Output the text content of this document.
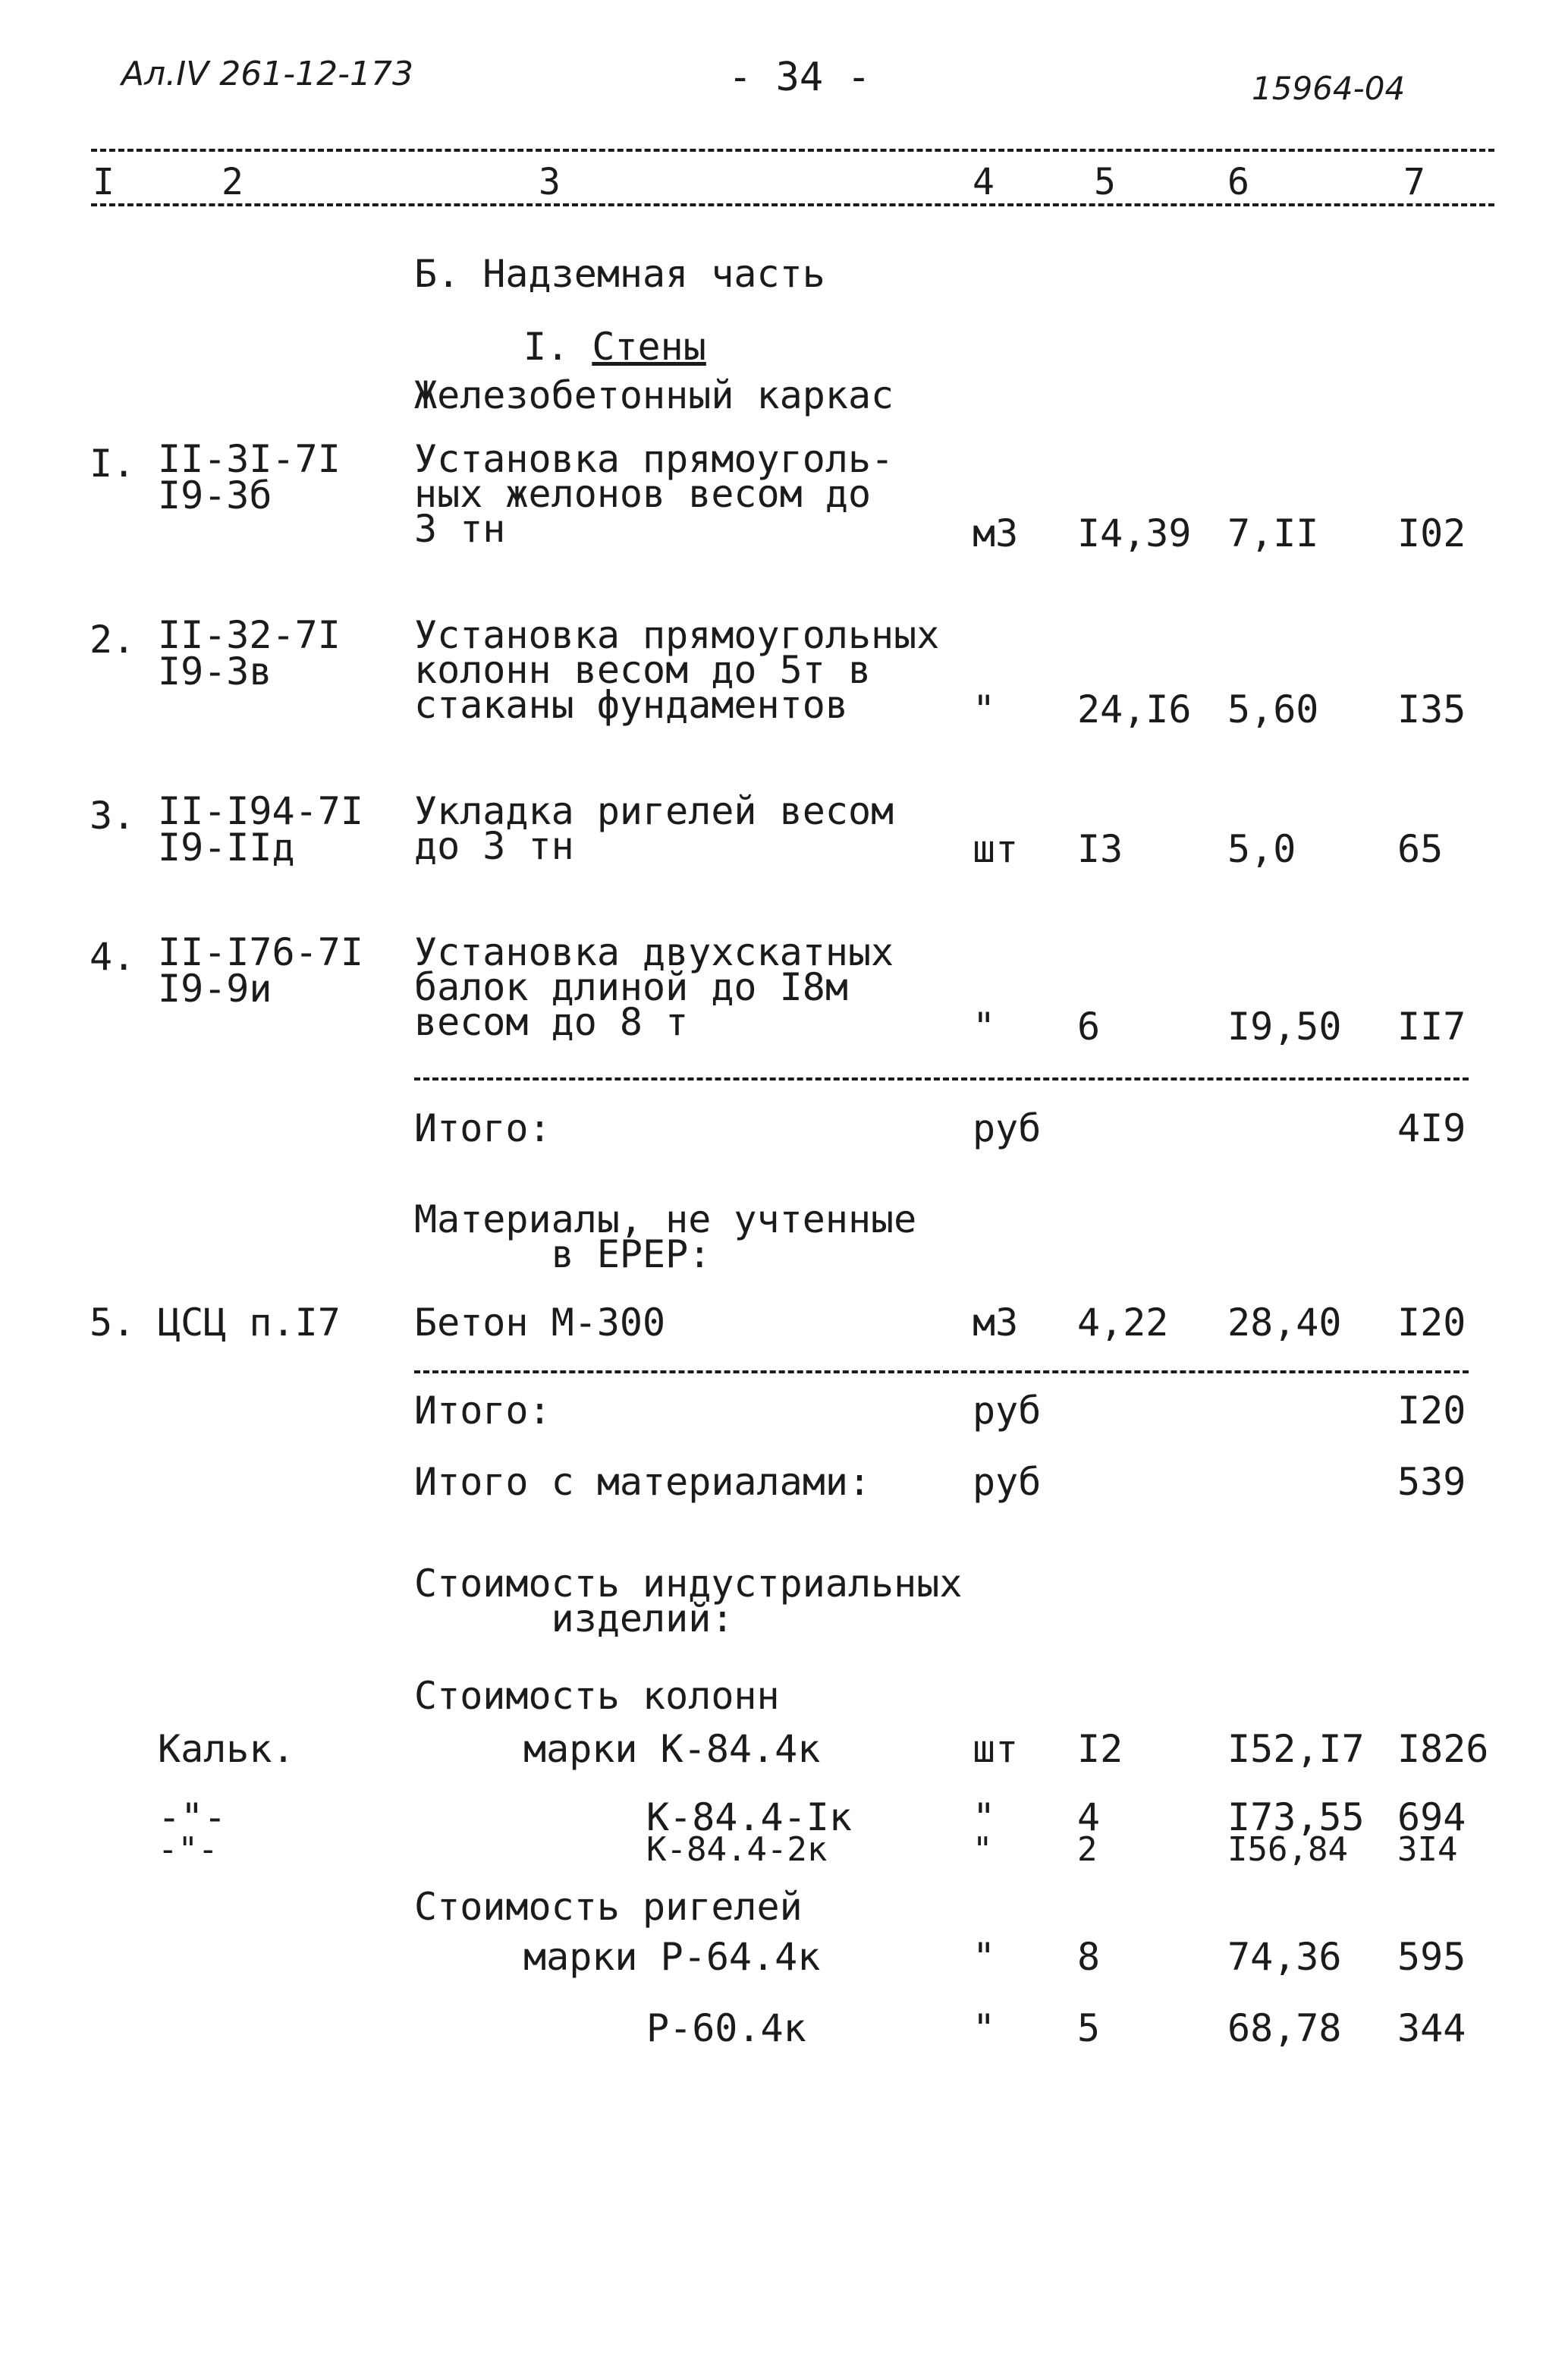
Ал.IV 261-12-173	- 34 -	15964-04
I	2	3	4	5	6	7
Б. Надземная часть
I. Стены
Железобетонный каркас
I. II-3I-7I
I9-3б
Установка прямоуголь-
ных желонов весом до
3 тн	м3 I4,39 7,II I02
2. II-32-7I
I9-3в
Установка прямоугольных
колонн весом до 5т в
стаканы фундаментов	" 24,I6 5,60 I35
3. II-I94-7I
I9-IIд
Укладка ригелей весом
до 3 тн	шт I3	5,0	65
4. II-I76-7I
I9-9и
Установка двухскатных
балок длиной до I8м
весом до 8 т	" 6	I9,50 II7
Итого:	руб	4I9
Материалы, не учтенные
в ЕРЕР:
5. ЦСЦ п.I7 Бетон М-300	м3 4,22 28,40 I20
Итого:	руб	I20
Итого с материалами:	руб	539
Стоимость индустриальных
изделий:
Стоимость колонн
Кальк.	марки К-84.4к	шт I2	I52,I7 I826
-"-	К-84.4-Iк	" 4	I73,55 694
-"-	К-84.4-2к	"	2	I56,84 3I4
Стоимость ригелей
марки Р-64.4к	" 8	74,36 595
Р-60.4к	" 5	68,78 344
